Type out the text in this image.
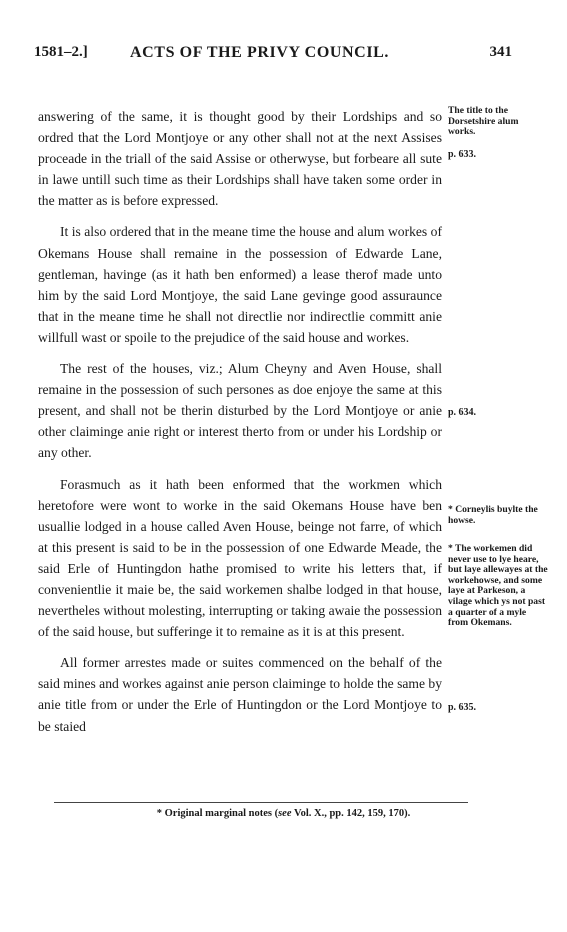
1581–2.]	ACTS OF THE PRIVY COUNCIL.	341

answering of the same, it is thought good by their Lordships and so ordred that the Lord Montjoye or any other shall not at the next Assises proceade in the triall of the said Assise or otherwyse, but forbeare all sute in lawe untill such time as their Lordships shall have taken some order in the matter as is before expressed.

It is also ordered that in the meane time the house and alum workes of Okemans House shall remaine in the possession of Edwarde Lane, gentleman, havinge (as it hath ben enformed) a lease therof made unto him by the said Lord Montjoye, the said Lane gevinge good assuraunce that in the meane time he shall not directlie nor indirectlie committ anie willfull wast or spoile to the prejudice of the said house and workes.

The rest of the houses, viz.; Alum Cheyny and Aven House, shall remaine in the possession of such persones as doe enjoye the same at this present, and shall not be therin disturbed by the Lord Montjoye or anie other claiminge anie right or interest therto from or under his Lordship or any other.

Forasmuch as it hath been enformed that the workmen which heretofore were wont to worke in the said Okemans House have ben usuallie lodged in a house called Aven House, beinge not farre, of which at this present is said to be in the possession of one Edwarde Meade, the said Erle of Huntingdon hathe promised to write his letters that, if convenientlie it maie be, the said workemen shalbe lodged in that house, nevertheles without molesting, interrupting or taking awaie the possession of the said house, but sufferinge it to remaine as it is at this present.

All former arrestes made or suites commenced on the behalf of the said mines and workes against anie person claiminge to holde the same by anie title from or under the Erle of Huntingdon or the Lord Montjoye to be staied

The title to the Dorsetshire alum works.
p. 633.
p. 634.
* Corneylis buylte the howse.
* The workemen did never use to lye heare, but laye allewayes at the workehowse, and some laye at Parkeson, a vilage which ys not past a quarter of a myle from Okemans.
p. 635.
* Original marginal notes (see Vol. X., pp. 142, 159, 170).
